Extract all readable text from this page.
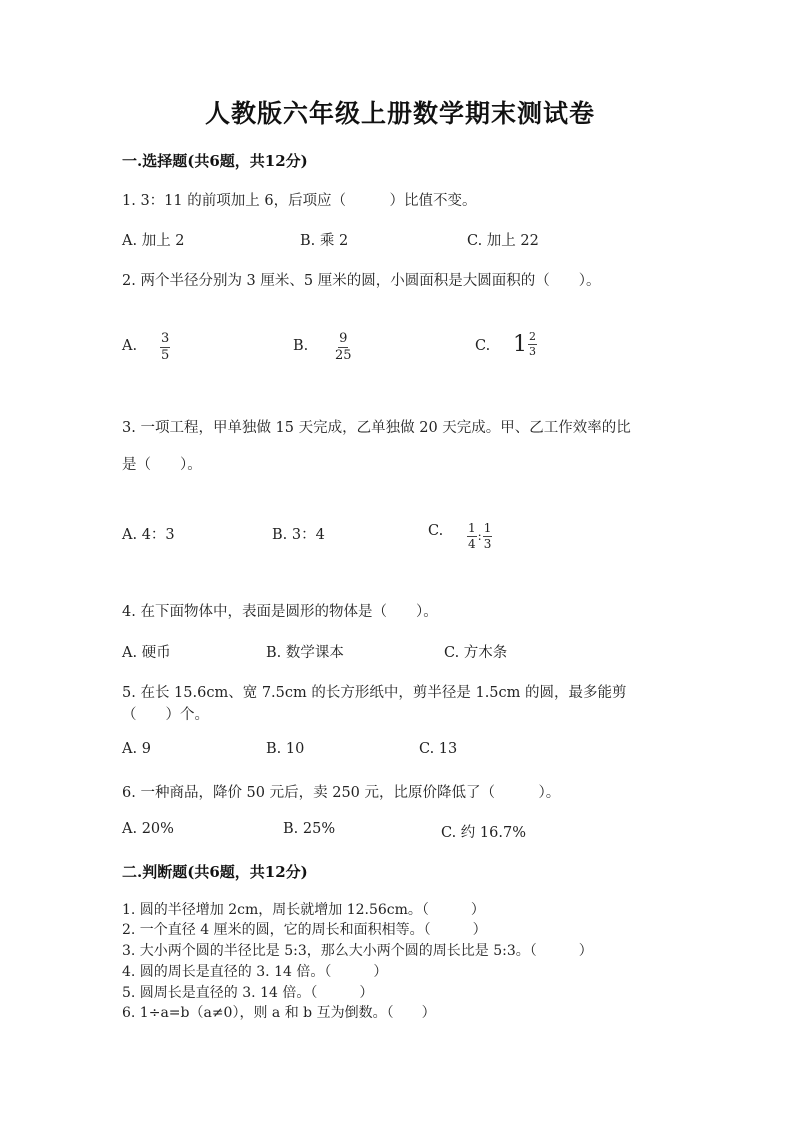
人教版六年级上册数学期末测试卷
一.选择题(共6题，共12分)
1. 3：11 的前项加上 6，后项应（　　　）比值不变。
A. 加上 2	B. 乘 2	C. 加上 22
2. 两个半径分别为 3 厘米、5 厘米的圆，小圆面积是大圆面积的（　　）。
A. $\frac{3}{5}$	B. $\frac{9}{25}$	C. $1 \frac{2}{3}$
3. 一项工程，甲单独做 15 天完成，乙单独做 20 天完成。甲、乙工作效率的比
是（　　）。
A. 4：3	B. 3：4	C. $\frac{1}{4}$ : $\frac{1}{3}$
4. 在下面物体中，表面是圆形的物体是（　　）。
A. 硬币	B. 数学课本	C. 方木条
5. 在长 15.6cm、宽 7.5cm 的长方形纸中，剪半径是 1.5cm 的圆，最多能剪
（　　）个。
A. 9	B. 10	C. 13
6. 一种商品，降价 50 元后，卖 250 元，比原价降低了（　　　）。
A. 20%	B. 25%	C. 约 16.7%
二.判断题(共6题，共12分)
1. 圆的半径增加 2cm，周长就增加 12.56cm。（　　　）
2. 一个直径 4 厘米的圆，它的周长和面积相等。（　　　）
3. 大小两个圆的半径比是 5:3，那么大小两个圆的周长比是 5:3。（　　　）
4. 圆的周长是直径的 3. 14 倍。（　　　）
5. 圆周长是直径的 3. 14 倍。（　　　）
6. 1÷a=b（a≠0），则 a 和 b 互为倒数。（　　）
